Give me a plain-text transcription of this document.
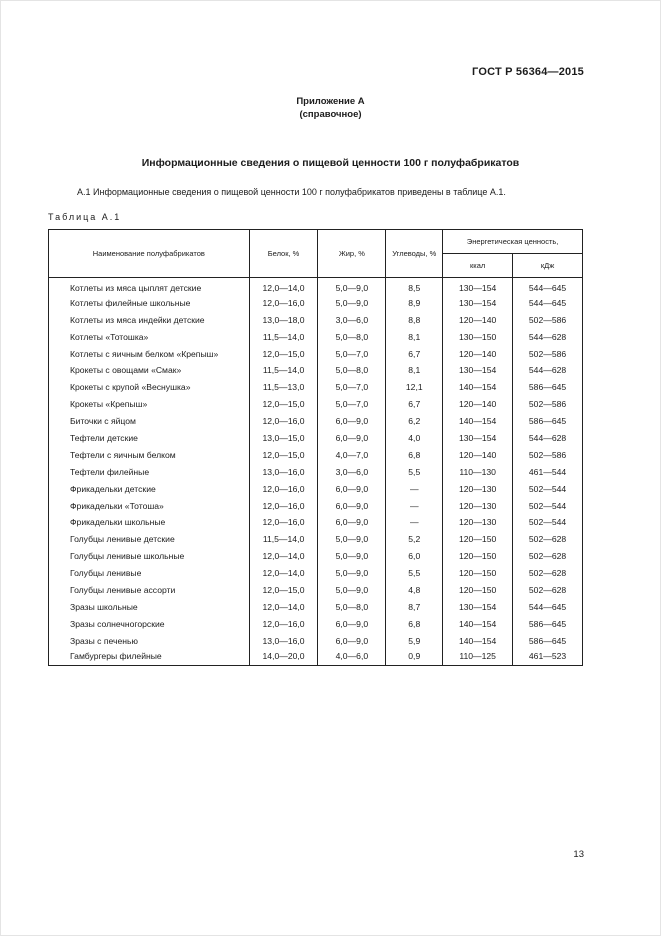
ГОСТ Р 56364—2015
Приложение А
(справочное)
Информационные сведения о пищевой ценности 100 г полуфабрикатов
А.1 Информационные сведения о пищевой ценности 100 г полуфабрикатов приведены в таблице А.1.
Таблица А.1
Наименование полуфабрикатов	Белок, %	Жир, %	Углеводы, %	Энергетическая ценность,	
				ккал	кДж
Котлеты из мяса цыплят детские	12,0—14,0	5,0—9,0	8,5	130—154	544—645
Котлеты филейные школьные	12,0—16,0	5,0—9,0	8,9	130—154	544—645
Котлеты из мяса индейки детские	13,0—18,0	3,0—6,0	8,8	120—140	502—586
Котлеты «Тотошка»	11,5—14,0	5,0—8,0	8,1	130—150	544—628
Котлеты с яичным белком «Крепыш»	12,0—15,0	5,0—7,0	6,7	120—140	502—586
Крокеты с овощами «Смак»	11,5—14,0	5,0—8,0	8,1	130—154	544—628
Крокеты с крупой «Веснушка»	11,5—13,0	5,0—7,0	12,1	140—154	586—645
Крокеты «Крепыш»	12,0—15,0	5,0—7,0	6,7	120—140	502—586
Биточки с яйцом	12,0—16,0	6,0—9,0	6,2	140—154	586—645
Тефтели детские	13,0—15,0	6,0—9,0	4,0	130—154	544—628
Тефтели с яичным белком	12,0—15,0	4,0—7,0	6,8	120—140	502—586
Тефтели филейные	13,0—16,0	3,0—6,0	5,5	110—130	461—544
Фрикадельки детские	12,0—16,0	6,0—9,0	—	120—130	502—544
Фрикадельки «Тотоша»	12,0—16,0	6,0—9,0	—	120—130	502—544
Фрикадельки школьные	12,0—16,0	6,0—9,0	—	120—130	502—544
Голубцы ленивые детские	11,5—14,0	5,0—9,0	5,2	120—150	502—628
Голубцы ленивые школьные	12,0—14,0	5,0—9,0	6,0	120—150	502—628
Голубцы ленивые	12,0—14,0	5,0—9,0	5,5	120—150	502—628
Голубцы ленивые ассорти	12,0—15,0	5,0—9,0	4,8	120—150	502—628
Зразы школьные	12,0—14,0	5,0—8,0	8,7	130—154	544—645
Зразы солнечногорские	12,0—16,0	6,0—9,0	6,8	140—154	586—645
Зразы с печенью	13,0—16,0	6,0—9,0	5,9	140—154	586—645
Гамбургеры филейные	14,0—20,0	4,0—6,0	0,9	110—125	461—523
13
